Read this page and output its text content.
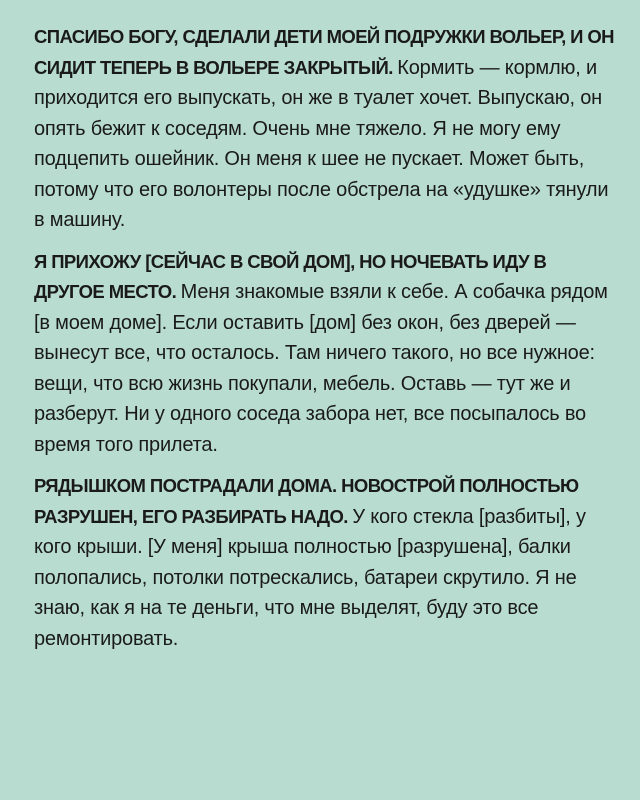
СПАСИБО БОГУ, СДЕЛАЛИ ДЕТИ МОЕЙ ПОДРУЖКИ ВОЛЬЕР, И ОН СИДИТ ТЕПЕРЬ В ВОЛЬЕРЕ ЗАКРЫТЫЙ. Кормить — кормлю, и приходится его выпускать, он же в туалет хочет. Выпускаю, он опять бежит к соседям. Очень мне тяжело. Я не могу ему подцепить ошейник. Он меня к шее не пускает. Может быть, потому что его волонтеры после обстрела на «удушке» тянули в машину.

Я ПРИХОЖУ [СЕЙЧАС В СВОЙ ДОМ], НО НОЧЕВАТЬ ИДУ В ДРУГОЕ МЕСТО. Меня знакомые взяли к себе. А собачка рядом [в моем доме]. Если оставить [дом] без окон, без дверей — вынесут все, что осталось. Там ничего такого, но все нужное: вещи, что всю жизнь покупали, мебель. Оставь — тут же и разберут. Ни у одного соседа забора нет, все посыпалось во время того прилета.

РЯДЫШКОМ ПОСТРАДАЛИ ДОМА. НОВОСТРОЙ ПОЛНОСТЬЮ РАЗРУШЕН, ЕГО РАЗБИРАТЬ НАДО. У кого стекла [разбиты], у кого крыши. [У меня] крыша полностью [разрушена], балки полопались, потолки потрескались, батареи скрутило. Я не знаю, как я на те деньги, что мне выделят, буду это все ремонтировать.
